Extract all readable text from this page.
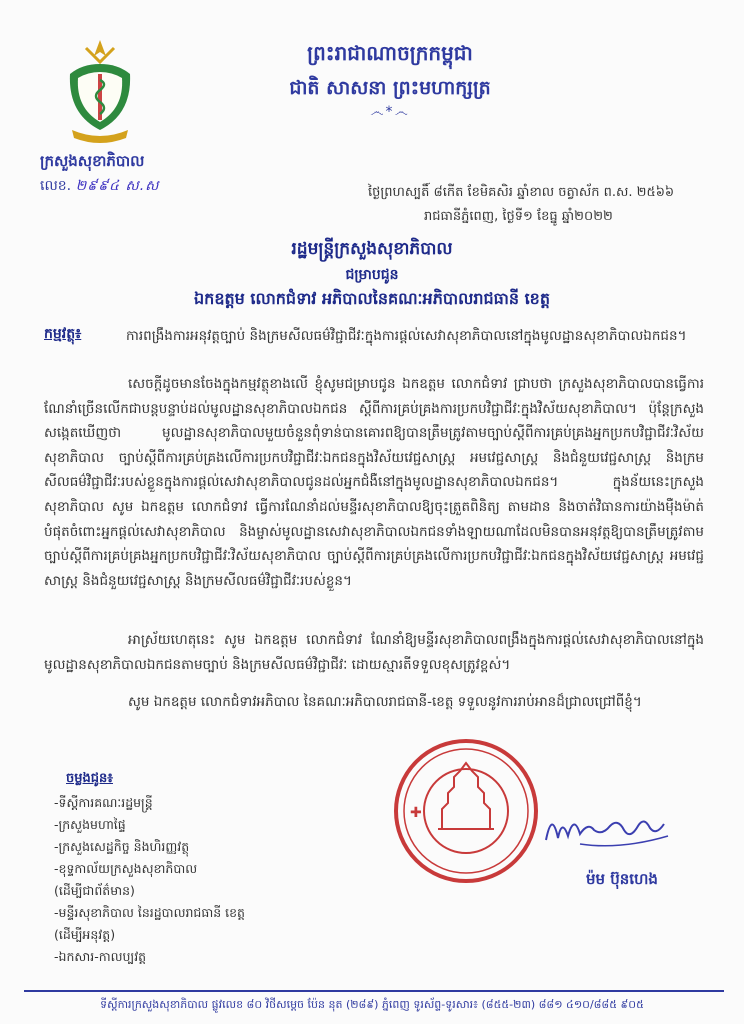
ព្រះរាជាណាចក្រកម្ពុជា
ជាតិ សាសនា ព្រះមហាក្សត្រ
෴*෴
ក្រសួងសុខាភិបាល
លេខ. ២៩៩៤ ស.ស	ថ្ងៃព្រហស្បតិ៍ ៨កើត ខែមិគសិរ ឆ្នាំខាល ចត្វាស័ក ព.ស. ២៥៦៦
រាជធានីភ្នំពេញ, ថ្ងៃទី១ ខែធ្នូ ឆ្នាំ២០២២
រដ្ឋមន្ត្រីក្រសួងសុខាភិបាល
ជម្រាបជូន
ឯកឧត្តម លោកជំទាវ អភិបាលនៃគណៈអភិបាលរាជធានី ខេត្ត
កម្មវត្ថុ៖	ការពង្រឹងការអនុវត្តច្បាប់ និងក្រមសីលធម៌វិជ្ជាជីវៈក្នុងការផ្ដល់សេវាសុខាភិបាលនៅក្នុងមូលដ្ឋានសុខាភិបាលឯកជន។
សេចក្ដីដូចមានចែងក្នុងកម្មវត្ថុខាងលើ ខ្ញុំសូមជម្រាបជូន ឯកឧត្តម លោកជំទាវ ជ្រាបថា ក្រសួងសុខាភិបាលបានធ្វើការណែនាំច្រើនលើកជាបន្តបន្ទាប់ដល់មូលដ្ឋានសុខាភិបាលឯកជន ស្ដីពីការគ្រប់គ្រងការប្រកបវិជ្ជាជីវៈក្នុងវិស័យសុខាភិបាល។ ប៉ុន្តែក្រសួងសង្កេតឃើញថា មូលដ្ឋានសុខាភិបាលមួយចំនួនពុំទាន់បានគោរពឱ្យបានត្រឹមត្រូវតាមច្បាប់ស្ដីពីការគ្រប់គ្រងអ្នកប្រកបវិជ្ជាជីវៈវិស័យសុខាភិបាល ច្បាប់ស្ដីពីការគ្រប់គ្រងលើការប្រកបវិជ្ជាជីវៈឯកជនក្នុងវិស័យវេជ្ជសាស្ត្រ អមវេជ្ជសាស្ត្រ និងជំនួយវេជ្ជសាស្ត្រ និងក្រមសីលធម៌វិជ្ជាជីវៈរបស់ខ្លួនក្នុងការផ្ដល់សេវាសុខាភិបាលជូនដល់អ្នកជំងឺនៅក្នុងមូលដ្ឋានសុខាភិបាលឯកជន។ ក្នុងន័យនេះក្រសួងសុខាភិបាល សូម ឯកឧត្តម លោកជំទាវ ធ្វើការណែនាំដល់មន្ទីរសុខាភិបាលឱ្យចុះត្រួតពិនិត្យ តាមដាន និងចាត់វិធានការយ៉ាងម៉ឺងម៉ាត់បំផុតចំពោះអ្នកផ្ដល់សេវាសុខាភិបាល និងម្ចាស់មូលដ្ឋានសេវាសុខាភិបាលឯកជនទាំងឡាយណាដែលមិនបានអនុវត្តឱ្យបានត្រឹមត្រូវតាមច្បាប់ស្ដីពីការគ្រប់គ្រងអ្នកប្រកបវិជ្ជាជីវៈវិស័យសុខាភិបាល ច្បាប់ស្ដីពីការគ្រប់គ្រងលើការប្រកបវិជ្ជាជីវៈឯកជនក្នុងវិស័យវេជ្ជសាស្ត្រ អមវេជ្ជសាស្ត្រ និងជំនួយវេជ្ជសាស្ត្រ និងក្រមសីលធម៌វិជ្ជាជីវៈរបស់ខ្លួន។
អាស្រ័យហេតុនេះ សូម ឯកឧត្តម លោកជំទាវ ណែនាំឱ្យមន្ទីរសុខាភិបាលពង្រឹងក្នុងការផ្ដល់សេវាសុខាភិបាលនៅក្នុងមូលដ្ឋានសុខាភិបាលឯកជនតាមច្បាប់ និងក្រមសីលធម៌វិជ្ជាជីវៈ ដោយស្មារតីទទួលខុសត្រូវខ្ពស់។
សូម ឯកឧត្តម លោកជំទាវអភិបាល នៃគណៈអភិបាលរាជធានី-ខេត្ត ទទួលនូវការរាប់អានដ៏ជ្រាលជ្រៅពីខ្ញុំ។
ចម្លងជូន៖
-ទីស្ដីការគណៈរដ្ឋមន្ត្រី
-ក្រសួងមហាផ្ទៃ
-ក្រសួងសេដ្ឋកិច្ច និងហិរញ្ញវត្ថុ
-ខុទ្ទកាល័យក្រសួងសុខាភិបាល
(ដើម្បីជាព័ត៌មាន)
-មន្ទីរសុខាភិបាល នៃរដ្ឋបាលរាជធានី ខេត្ត
(ដើម្បីអនុវត្ត)
-ឯកសារ-កាលប្បវត្ត
✚
ម៉ម ប៊ុនហេង
ទីស្ដីការក្រសួងសុខាភិបាល ផ្លូវលេខ ៨០ វិថីសម្ដេច ប៉ែន នុត (២៨៩) ភ្នំពេញ ទូរស័ព្ទ-ទូរសារ៖ (៨៥៥-២៣) ៨៨១ ៤១០/៨៨៥ ៩០៥
